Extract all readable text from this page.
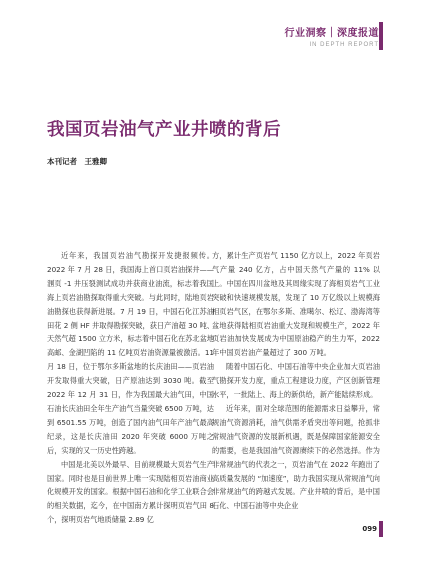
行业洞察｜深度报道
IN DEPTH REPORT
我国页岩油气产业井喷的背后
本刊记者　王雅卿

近年来，我国页岩油气勘探开发捷报频传。2022 年 7 月 28 日，我国海上首口页岩油探井——涠页 -1 井压裂测试成功并获商业油流，标志着我国海上页岩油勘探取得重大突破。与此同时，陆地页岩油勘探也获得新进展。7 月 19 日，中国石化江苏油田花 2 侧 HF 井取得勘探突破，获日产油超 30 吨、天然气超 1500 立方米，标志着中国石化在苏北盆地高邮、金湖凹陷的 11 亿吨页岩油资源量被激活。11 月 18 日，位于鄂尔多斯盆地的长庆油田——页岩油开发取得重大突破，日产原油达到 3030 吨。截至 2022 年 12 月 31 日，作为我国最大油气田，中国石油长庆油田全年生产油气当量突破 6500 万吨，达到 6501.55 万吨，创造了国内油气田年产油气最高纪录，这是长庆油田 2020 年突破 6000 万吨之后，实现的又一历史性跨越。

中国是北美以外最早、目前规模最大页岩气生产国家。同时也是目前世界上唯一实现陆相页岩油商业化规模开发的国家。根据中国石油和化学工业联合会的相关数据，迄今，在中国南方累计探明页岩气田 8 个，探明页岩气地质储量 2.89 亿

方，累计生产页岩气 1150 亿方以上，2022 年页岩气产量 240 亿方，占中国天然气产量的 11% 以上。中国在四川盆地及其周缘实现了海相页岩气工业突破和快速规模发展，发现了 10 万亿级以上规模海相页岩气区，在鄂尔多斯、准噶尔、松辽、渤海湾等盆地获得陆相页岩油重大发现和规模生产，2022 年页岩油加快发展成为中国原油稳产的生力军，2022 年中国页岩油产量超过了 300 万吨。

随着中国石化、中国石油等中央企业加大页岩油气勘探开发力度，重点工程建设力度，产区创新管理水平，一批陆上、海上的新供给，新产能陆续形成。

近年来，面对全球范围的能源需求日益攀升，常规油气资源消耗，油气供需矛盾突出等问题，抢抓非常规油气资源的发展新机遇，既是保障国家能源安全的需要，也是我国油气资源赓续下的必然选择。作为非常规油气的代表之一，页岩油气在 2022 年跑出了高质量发展的 “加速度”，助力我国实现从常规油气向非常规油气的跨越式发展。产业井喷的背后，是中国石化、中国石油等中央企业

099
